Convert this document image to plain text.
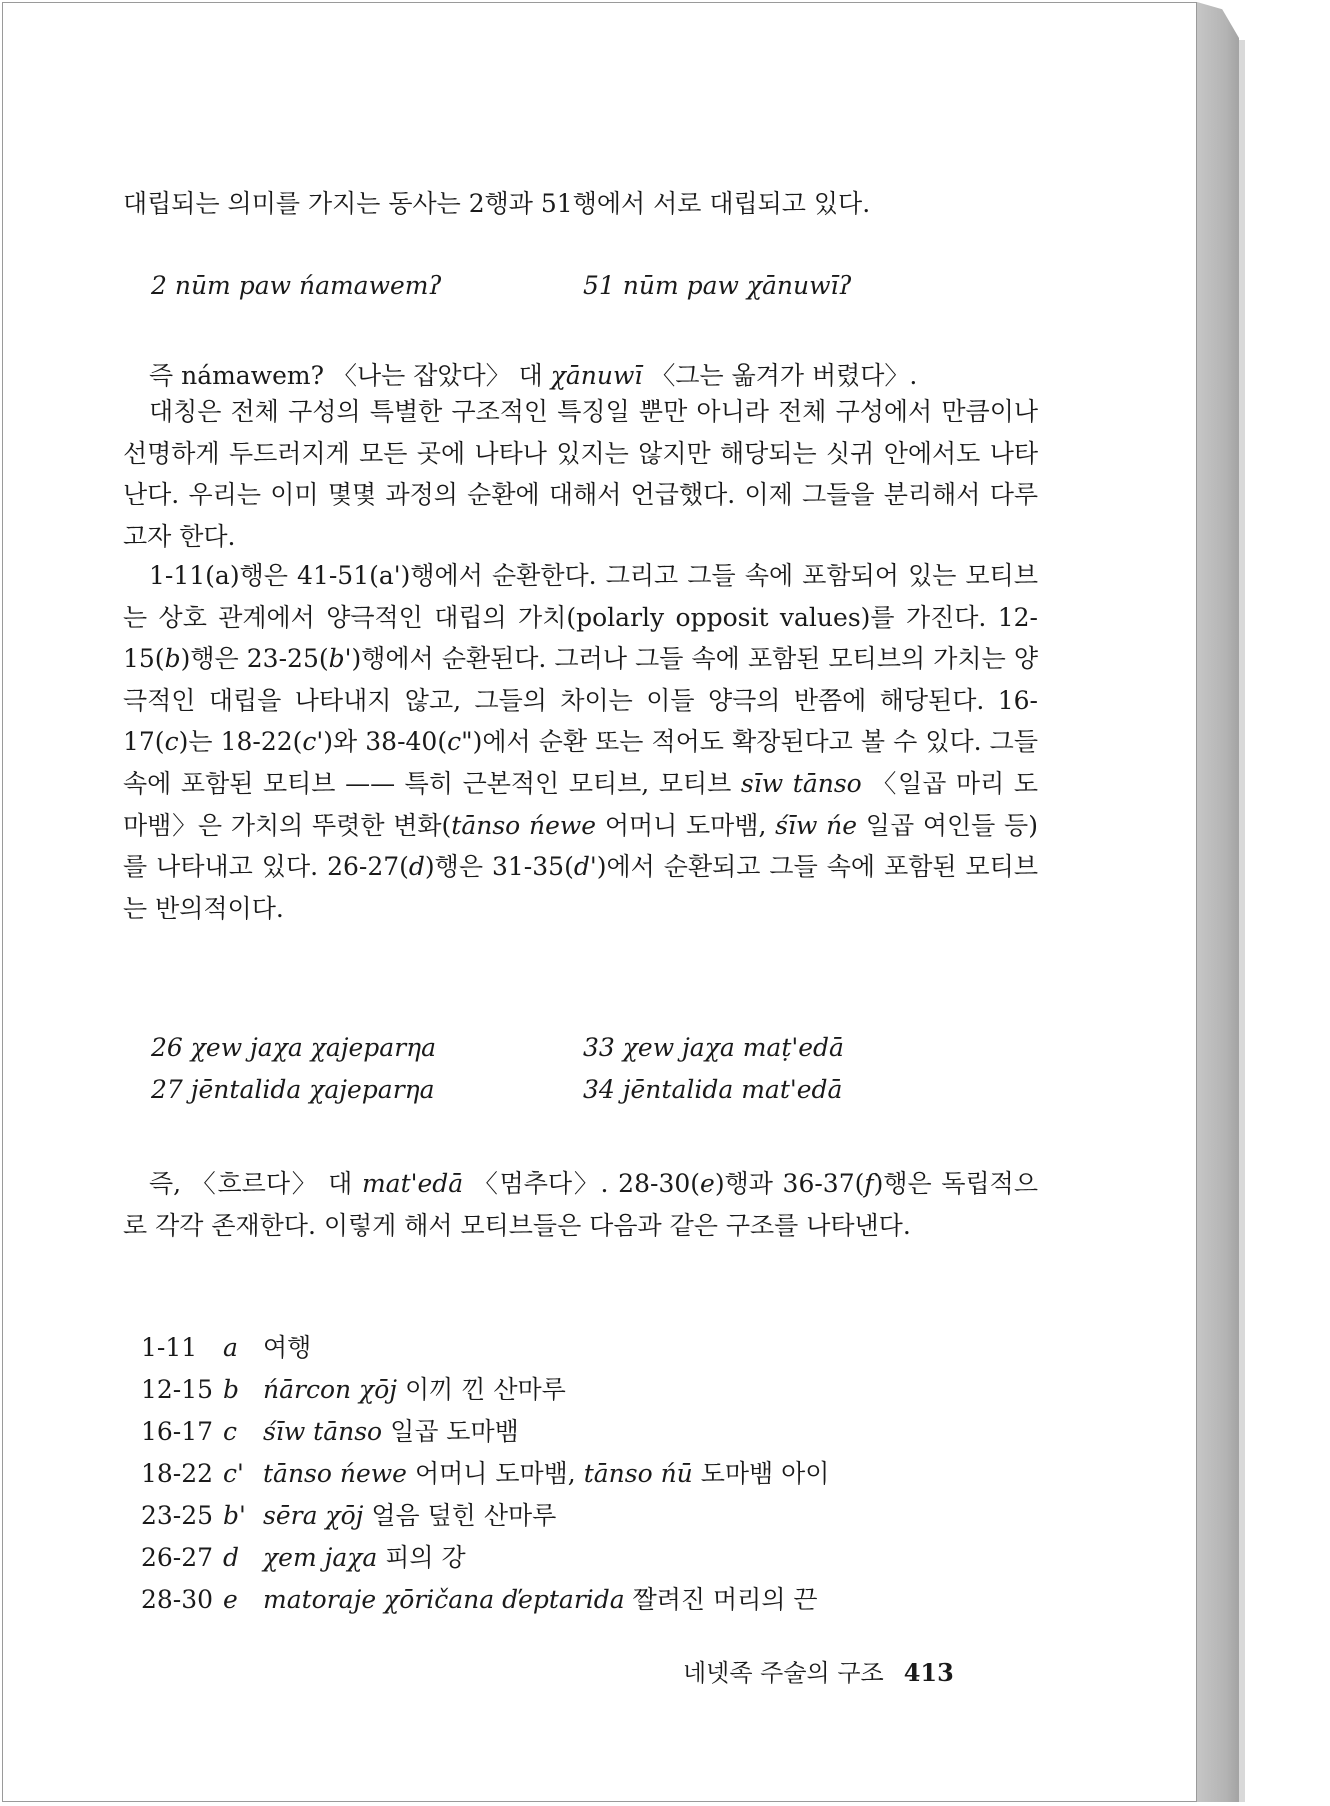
대립되는 의미를 가지는 동사는 2행과 51행에서 서로 대립되고 있다.

2 nūm pаw ńamawemʔ	51 nūm pаw χānuwīʔ

즉 námawem? 〈나는 잡았다〉 대 χānuwī 〈그는 옮겨가 버렸다〉.

대칭은 전체 구성의 특별한 구조적인 특징일 뿐만 아니라 전체 구성에서 만큼이나 선명하게 두드러지게 모든 곳에 나타나 있지는 않지만 해당되는 싯귀 안에서도 나타난다. 우리는 이미 몇몇 과정의 순환에 대해서 언급했다. 이제 그들을 분리해서 다루고자 한다.

1-11(a)행은 41-51(a')행에서 순환한다. 그리고 그들 속에 포함되어 있는 모티브는 상호 관계에서 양극적인 대립의 가치(polarly opposit values)를 가진다. 12-15(b)행은 23-25(b')행에서 순환된다. 그러나 그들 속에 포함된 모티브의 가치는 양극적인 대립을 나타내지 않고, 그들의 차이는 이들 양극의 반쯤에 해당된다. 16-17(c)는 18-22(c')와 38-40(c")에서 순환 또는 적어도 확장된다고 볼 수 있다. 그들 속에 포함된 모티브 —— 특히 근본적인 모티브, 모티브 sīw tānso 〈일곱 마리 도마뱀〉은 가치의 뚜렷한 변화(tānso ńewe 어머니 도마뱀, śīw ńe 일곱 여인들 등)를 나타내고 있다. 26-27(d)행은 31-35(d')에서 순환되고 그들 속에 포함된 모티브는 반의적이다.

26 χew jaχa χajeparηa	33 χew jaχa maṭ'edā
27 jēntalida χajeparηa	34 jēntalida mat'edā

즉, 〈흐르다〉 대 mat'edā 〈멈추다〉. 28-30(e)행과 36-37(f)행은 독립적으로 각각 존재한다. 이렇게 해서 모티브들은 다음과 같은 구조를 나타낸다.

1-11 a 여행
12-15 b ńārcon χōj 이끼 낀 산마루
16-17 c śīw tānso 일곱 도마뱀
18-22 c' tānso ńewe 어머니 도마뱀, tānso ńū 도마뱀 아이
23-25 b' sēra χōj 얼음 덮힌 산마루
26-27 d χem jaχa 피의 강
28-30 e matoraje χōričana ďeptarida 짤려진 머리의 끈
네넷족 주술의 구조 413
